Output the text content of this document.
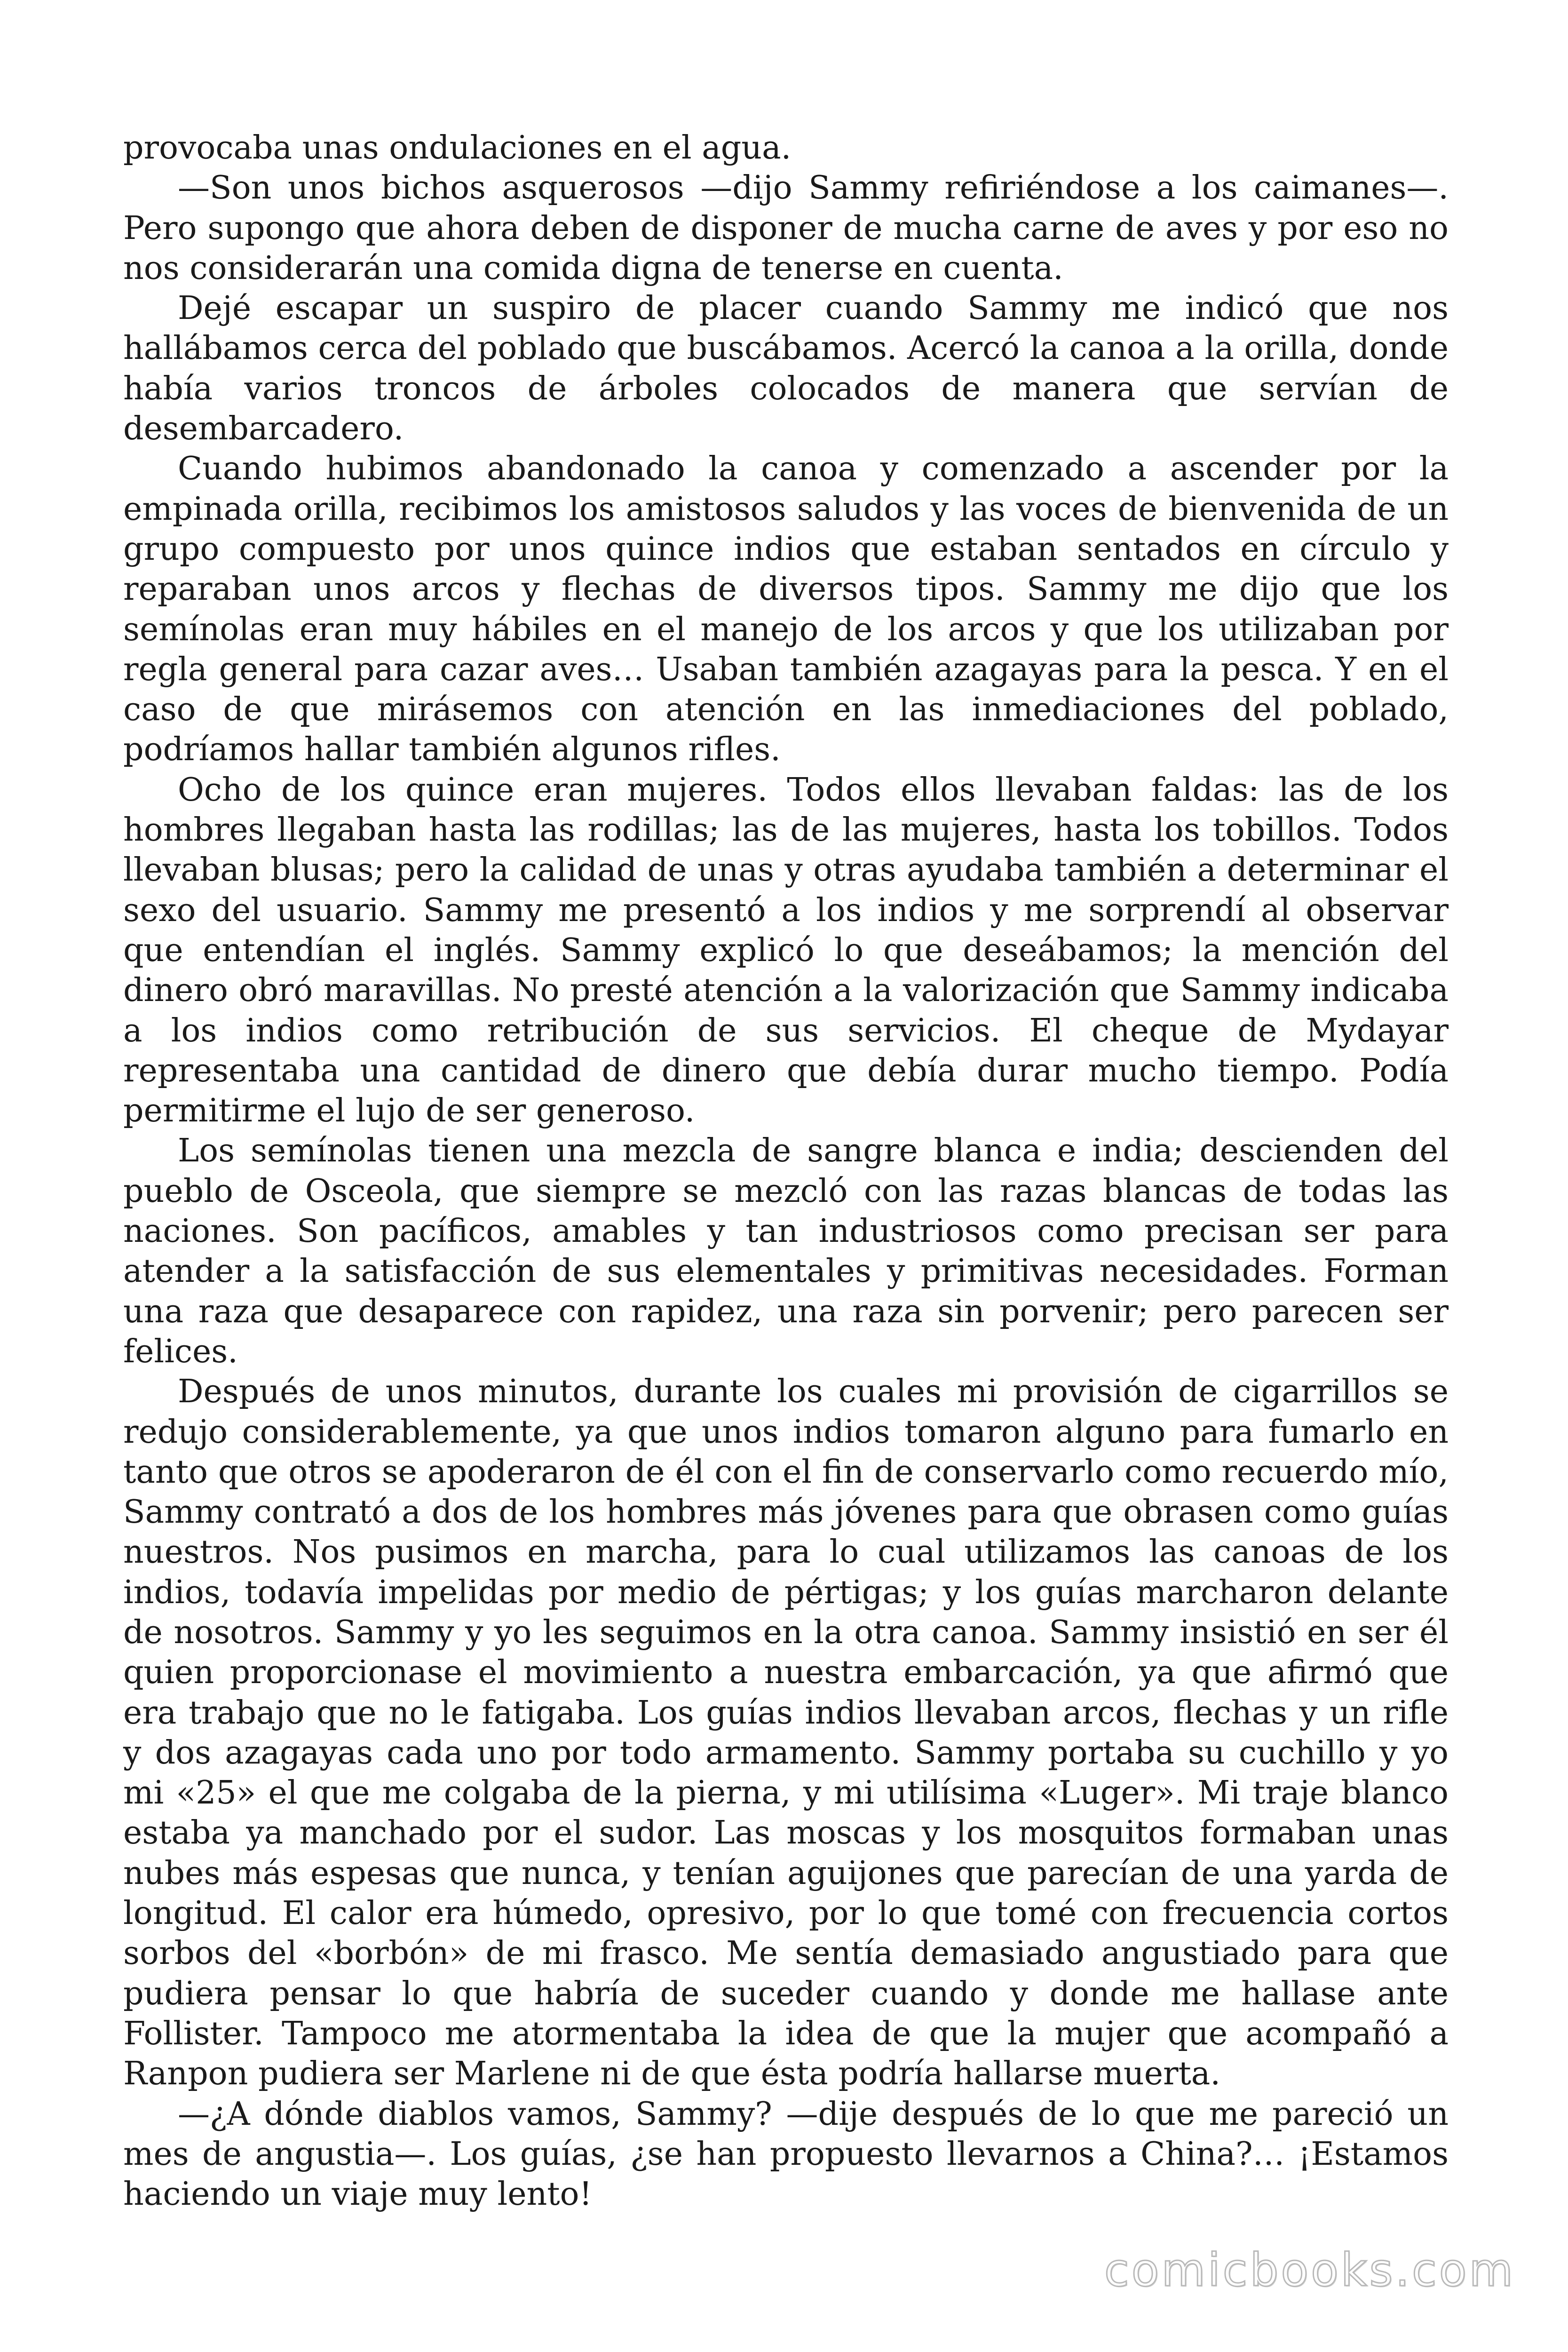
provocaba unas ondulaciones en el agua.

—Son unos bichos asquerosos —dijo Sammy refiriéndose a los caimanes—. Pero supongo que ahora deben de disponer de mucha carne de aves y por eso no nos considerarán una comida digna de tenerse en cuenta.

Dejé escapar un suspiro de placer cuando Sammy me indicó que nos hallábamos cerca del poblado que buscábamos. Acercó la canoa a la orilla, donde había varios troncos de árboles colocados de manera que servían de desembarcadero.

Cuando hubimos abandonado la canoa y comenzado a ascender por la empinada orilla, recibimos los amistosos saludos y las voces de bienvenida de un grupo compuesto por unos quince indios que estaban sentados en círculo y reparaban unos arcos y flechas de diversos tipos. Sammy me dijo que los semínolas eran muy hábiles en el manejo de los arcos y que los utilizaban por regla general para cazar aves… Usaban también azagayas para la pesca. Y en el caso de que mirásemos con atención en las inmediaciones del poblado, podríamos hallar también algunos rifles.

Ocho de los quince eran mujeres. Todos ellos llevaban faldas: las de los hombres llegaban hasta las rodillas; las de las mujeres, hasta los tobillos. Todos llevaban blusas; pero la calidad de unas y otras ayudaba también a determinar el sexo del usuario. Sammy me presentó a los indios y me sorprendí al observar que entendían el inglés. Sammy explicó lo que deseábamos; la mención del dinero obró maravillas. No presté atención a la valorización que Sammy indicaba a los indios como retribución de sus servicios. El cheque de Mydayar representaba una cantidad de dinero que debía durar mucho tiempo. Podía permitirme el lujo de ser generoso.

Los semínolas tienen una mezcla de sangre blanca e india; descienden del pueblo de Osceola, que siempre se mezcló con las razas blancas de todas las naciones. Son pacíficos, amables y tan industriosos como precisan ser para atender a la satisfacción de sus elementales y primitivas necesidades. Forman una raza que desaparece con rapidez, una raza sin porvenir; pero parecen ser felices.

Después de unos minutos, durante los cuales mi provisión de cigarrillos se redujo considerablemente, ya que unos indios tomaron alguno para fumarlo en tanto que otros se apoderaron de él con el fin de conservarlo como recuerdo mío, Sammy contrató a dos de los hombres más jóvenes para que obrasen como guías nuestros. Nos pusimos en marcha, para lo cual utilizamos las canoas de los indios, todavía impelidas por medio de pértigas; y los guías marcharon delante de nosotros. Sammy y yo les seguimos en la otra canoa. Sammy insistió en ser él quien proporcionase el movimiento a nuestra embarcación, ya que afirmó que era trabajo que no le fatigaba. Los guías indios llevaban arcos, flechas y un rifle y dos azagayas cada uno por todo armamento. Sammy portaba su cuchillo y yo mi «25» el que me colgaba de la pierna, y mi utilísima «Luger». Mi traje blanco estaba ya manchado por el sudor. Las moscas y los mosquitos formaban unas nubes más espesas que nunca, y tenían aguijones que parecían de una yarda de longitud. El calor era húmedo, opresivo, por lo que tomé con frecuencia cortos sorbos del «borbón» de mi frasco. Me sentía demasiado angustiado para que pudiera pensar lo que habría de suceder cuando y donde me hallase ante Follister. Tampoco me atormentaba la idea de que la mujer que acompañó a Ranpon pudiera ser Marlene ni de que ésta podría hallarse muerta.

—¿A dónde diablos vamos, Sammy? —dije después de lo que me pareció un mes de angustia—. Los guías, ¿se han propuesto llevarnos a China?… ¡Estamos haciendo un viaje muy lento!

comicbooks.com
